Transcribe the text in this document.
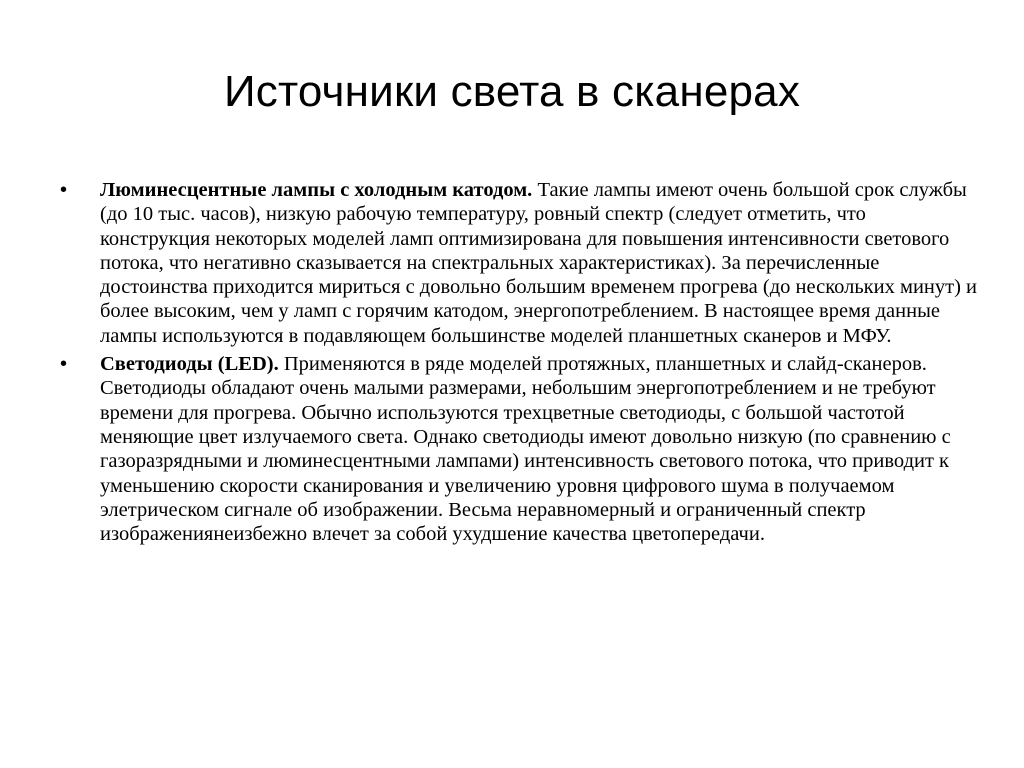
Источники света в сканерах
•	Люминесцентные лампы с холодным катодом. Такие лампы имеют очень большой срок службы (до 10 тыс. часов), низкую рабочую температуру, ровный спектр (следует отметить, что конструкция некоторых моделей ламп оптимизирована для повышения интенсивности светового потока, что негативно сказывается на спектральных характеристиках). За перечисленные достоинства приходится мириться с довольно большим временем прогрева (до нескольких минут) и более высоким, чем у ламп с горячим катодом, энергопотреблением. В настоящее время данные лампы используются в подавляющем большинстве моделей планшетных сканеров и МФУ.
•	Светодиоды (LED). Применяются в ряде моделей протяжных, планшетных и слайд-сканеров. Светодиоды обладают очень малыми размерами, небольшим энергопотреблением и не требуют времени для прогрева. Обычно используются трехцветные светодиоды, с большой частотой меняющие цвет излучаемого света. Однако светодиоды имеют довольно низкую (по сравнению с газоразрядными и люминесцентными лампами) интенсивность светового потока, что приводит к уменьшению скорости сканирования и увеличению уровня цифрового шума в получаемом элетрическом сигнале об изображении. Весьма неравномерный и ограниченный спектр изображениянеизбежно влечет за собой ухудшение качества цветопередачи.
